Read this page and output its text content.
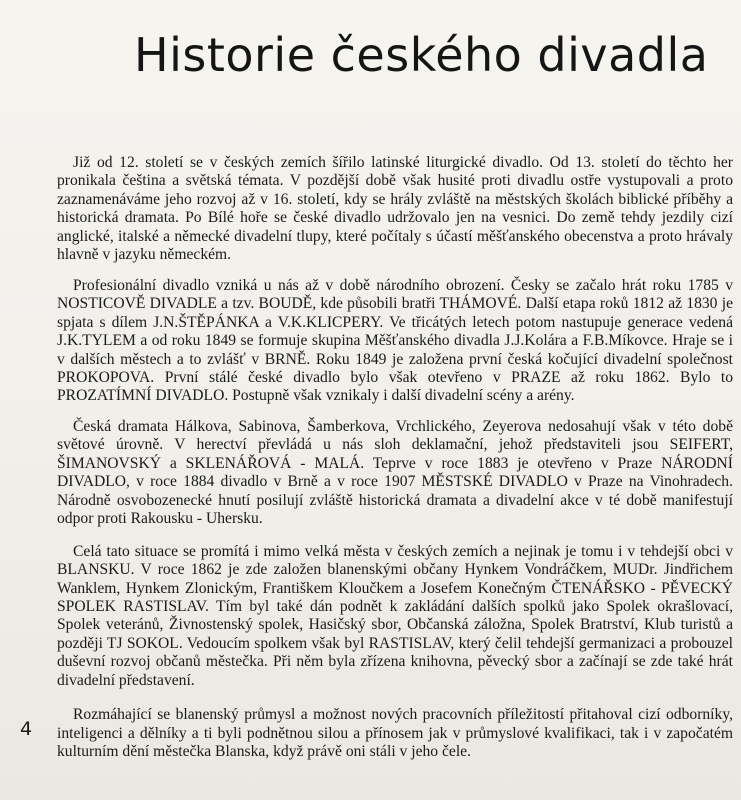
Historie českého divadla

Již od 12. století se v českých zemích šířilo latinské liturgické divadlo. Od 13. století do těchto her pronikala čeština a světská témata. V pozdější době však husité proti divadlu ostře vystupovali a proto zaznamenáváme jeho rozvoj až v 16. století, kdy se hrály zvláště na městských školách biblické příběhy a historická dramata. Po Bílé hoře se české divadlo udržovalo jen na vesnici. Do země tehdy jezdily cizí anglické, italské a německé divadelní tlupy, které počítaly s účastí měšťanského obecenstva a proto hrávaly hlavně v jazyku německém.

Profesionální divadlo vzniká u nás až v době národního obrození. Česky se začalo hrát roku 1785 v NOSTICOVĚ DIVADLE a tzv. BOUDĚ, kde působili bratři THÁMOVÉ. Další etapa roků 1812 až 1830 je spjata s dílem J.N.ŠTĚPÁNKA a V.K.KLICPERY. Ve třicátých letech potom nastupuje generace vedená J.K.TYLEM a od roku 1849 se formuje skupina Měšťanského divadla J.J.Kolára a F.B.Míkovce. Hraje se i v dalších městech a to zvlášť v BRNĚ. Roku 1849 je založena první česká kočující divadelní společnost PROKOPOVA. První stálé české divadlo bylo však otevřeno v PRAZE až roku 1862. Bylo to PROZATÍMNÍ DIVADLO. Postupně však vznikaly i další divadelní scény a arény.

Česká dramata Hálkova, Sabinova, Šamberkova, Vrchlického, Zeyerova nedosahují však v této době světové úrovně. V herectví převládá u nás sloh deklamační, jehož představiteli jsou SEIFERT, ŠIMANOVSKÝ a SKLENÁŘOVÁ - MALÁ. Teprve v roce 1883 je otevřeno v Praze NÁRODNÍ DIVADLO, v roce 1884 divadlo v Brně a v roce 1907 MĚSTSKÉ DIVADLO v Praze na Vinohradech. Národně osvobozenecké hnutí posilují zvláště historická dramata a divadelní akce v té době manifestují odpor proti Rakousku - Uhersku.

Celá tato situace se promítá i mimo velká města v českých zemích a nejinak je tomu i v tehdejší obci v BLANSKU. V roce 1862 je zde založen blanenskými občany Hynkem Vondráčkem, MUDr. Jindřichem Wanklem, Hynkem Zlonickým, Františkem Kloučkem a Josefem Konečným ČTENÁŘSKO - PĚVECKÝ SPOLEK RASTISLAV. Tím byl také dán podnět k zakládání dalších spolků jako Spolek okrašlovací, Spolek veteránů, Živnostenský spolek, Hasičský sbor, Občanská záložna, Spolek Bratrství, Klub turistů a později TJ SOKOL. Vedoucím spolkem však byl RASTISLAV, který čelil tehdejší germanizaci a probouzel duševní rozvoj občanů městečka. Při něm byla zřízena knihovna, pěvecký sbor a začínají se zde také hrát divadelní představení.

Rozmáhající se blanenský průmysl a možnost nových pracovních příležitostí přitahoval cizí odborníky, inteligenci a dělníky a ti byli podnětnou silou a přínosem jak v průmyslové kvalifikaci, tak i v započatém kulturním dění městečka Blanska, když právě oni stáli v jeho čele.

4
